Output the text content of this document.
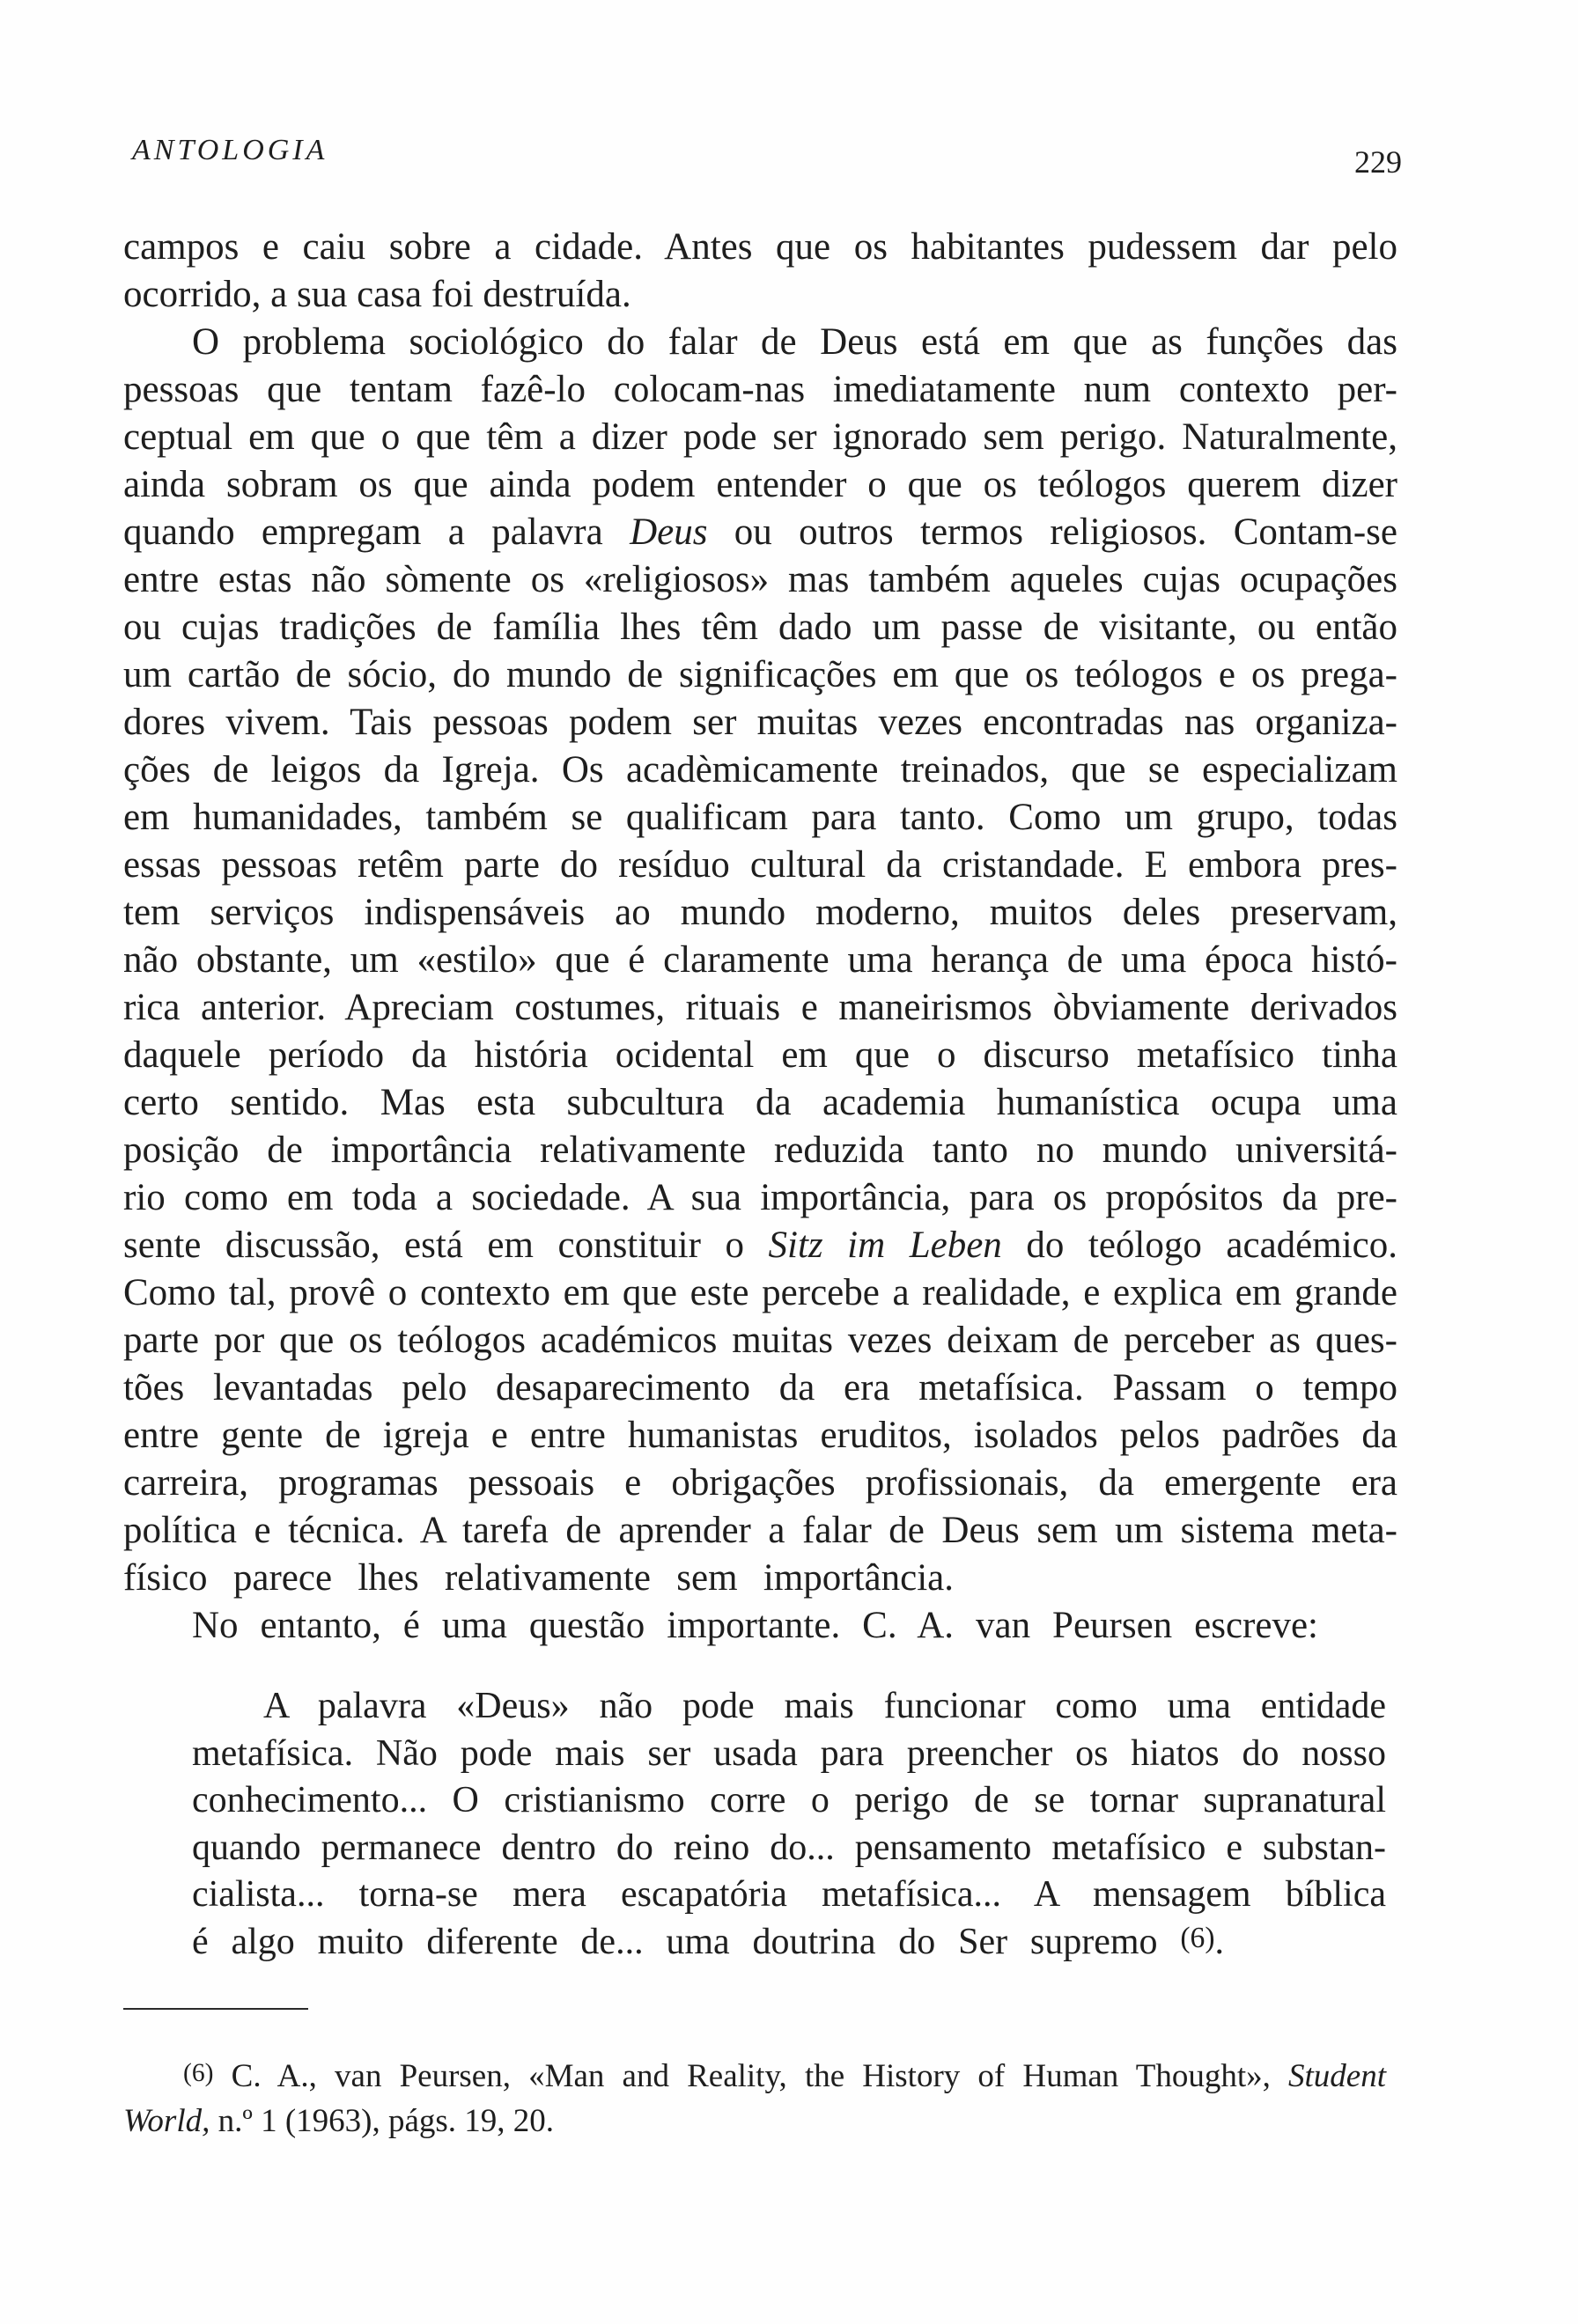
ANTOLOGIA	229
campos e caiu sobre a cidade. Antes que os habitantes pudessem dar pelo
ocorrido, a sua casa foi destruída.
O problema sociológico do falar de Deus está em que as funções das
pessoas que tentam fazê-lo colocam-nas imediatamente num contexto per-
ceptual em que o que têm a dizer pode ser ignorado sem perigo. Naturalmente,
ainda sobram os que ainda podem entender o que os teólogos querem dizer
quando empregam a palavra Deus ou outros termos religiosos. Contam-se
entre estas não sòmente os «religiosos» mas também aqueles cujas ocupações
ou cujas tradições de família lhes têm dado um passe de visitante, ou então
um cartão de sócio, do mundo de significações em que os teólogos e os prega-
dores vivem. Tais pessoas podem ser muitas vezes encontradas nas organiza-
ções de leigos da Igreja. Os acadèmicamente treinados, que se especializam
em humanidades, também se qualificam para tanto. Como um grupo, todas
essas pessoas retêm parte do resíduo cultural da cristandade. E embora pres-
tem serviços indispensáveis ao mundo moderno, muitos deles preservam,
não obstante, um «estilo» que é claramente uma herança de uma época histó-
rica anterior. Apreciam costumes, rituais e maneirismos òbviamente derivados
daquele período da história ocidental em que o discurso metafísico tinha
certo sentido. Mas esta subcultura da academia humanística ocupa uma
posição de importância relativamente reduzida tanto no mundo universitá-
rio como em toda a sociedade. A sua importância, para os propósitos da pre-
sente discussão, está em constituir o Sitz im Leben do teólogo académico.
Como tal, provê o contexto em que este percebe a realidade, e explica em grande
parte por que os teólogos académicos muitas vezes deixam de perceber as ques-
tões levantadas pelo desaparecimento da era metafísica. Passam o tempo
entre gente de igreja e entre humanistas eruditos, isolados pelos padrões da
carreira, programas pessoais e obrigações profissionais, da emergente era
política e técnica. A tarefa de aprender a falar de Deus sem um sistema meta-
físico parece lhes relativamente sem importância.
No entanto, é uma questão importante. C. A. van Peursen escreve:
A palavra «Deus» não pode mais funcionar como uma entidade
metafísica. Não pode mais ser usada para preencher os hiatos do nosso
conhecimento... O cristianismo corre o perigo de se tornar supranatural
quando permanece dentro do reino do... pensamento metafísico e substan-
cialista... torna-se mera escapatória metafísica... A mensagem bíblica
é algo muito diferente de... uma doutrina do Ser supremo (6).
(6) C. A., van Peursen, «Man and Reality, the History of Human Thought», Student
World, n.º 1 (1963), págs. 19, 20.
